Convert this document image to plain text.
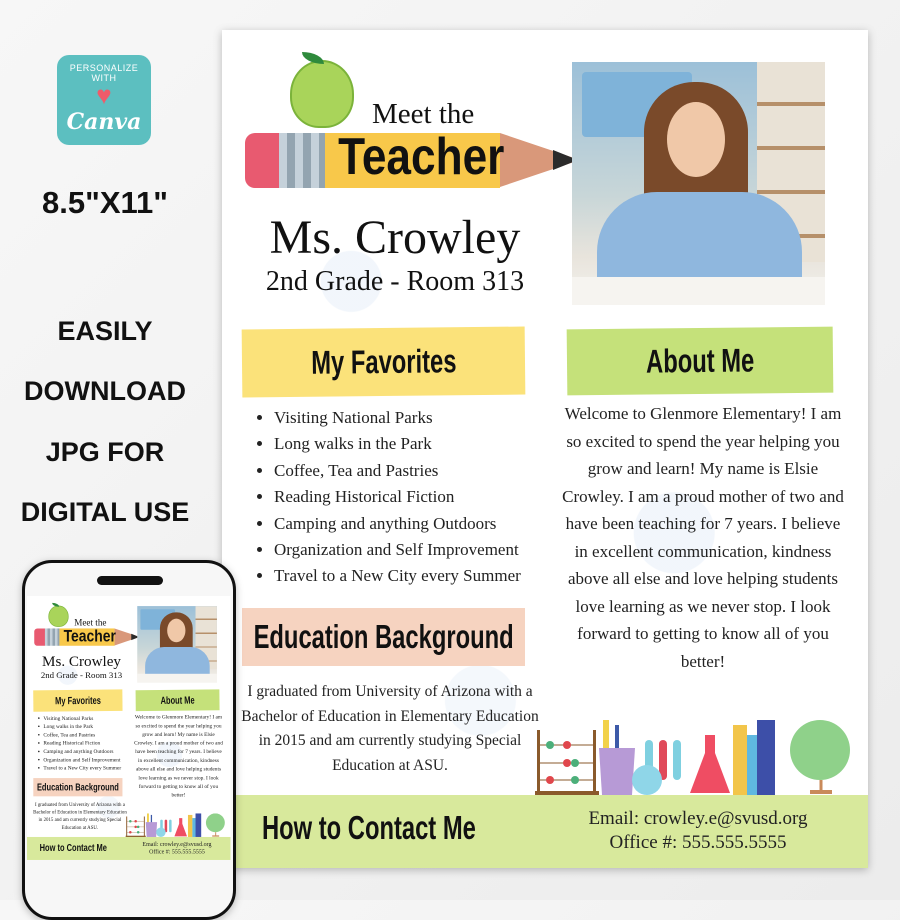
PERSONALIZE WITH
♥
Canva
8.5"X11"
EASILY
DOWNLOAD
JPG FOR
DIGITAL USE
Meet the
Teacher
Ms. Crowley
2nd Grade - Room 313
My Favorites	About Me
• Visiting National Parks
• Long walks in the Park
• Coffee, Tea and Pastries
• Reading Historical Fiction
• Camping and anything Outdoors
• Organization and Self Improvement
• Travel to a New City every Summer
Welcome to Glenmore Elementary! I am so excited to spend the year helping you grow and learn! My name is Elsie Crowley. I am a proud mother of two and have been teaching for 7 years. I believe in excellent communication, kindness above all else and love helping students love learning as we never stop. I look forward to getting to know all of you better!
Education Background
I graduated from University of Arizona with a Bachelor of Education in Elementary Education in 2015 and am currently studying Special Education at ASU.
How to Contact Me	Email: crowley.e@svusd.org
Office #: 555.555.5555
Meet the
Teacher
Ms. Crowley
2nd Grade - Room 313
My Favorites About Me
• Visiting National Parks
• Long walks in the Park
• Coffee, Tea and Pastries
• Reading Historical Fiction
• Camping and anything Outdoors
• Organization and Self Improvement
• Travel to a New City every Summer
Welcome to Glenmore Elementary! I am so excited to spend the year helping you grow and learn! My name is Elsie Crowley. I am a proud mother of two and have been teaching for 7 years. I believe in excellent communication, kindness above all else and love helping students love learning as we never stop. I look forward to getting to know all of you better!
Education Background
I graduated from University of Arizona with a Bachelor of Education in Elementary Education in 2015 and am currently studying Special Education at ASU.
How to Contact Me	Email: crowley.e@svusd.org
Office #: 555.555.5555
